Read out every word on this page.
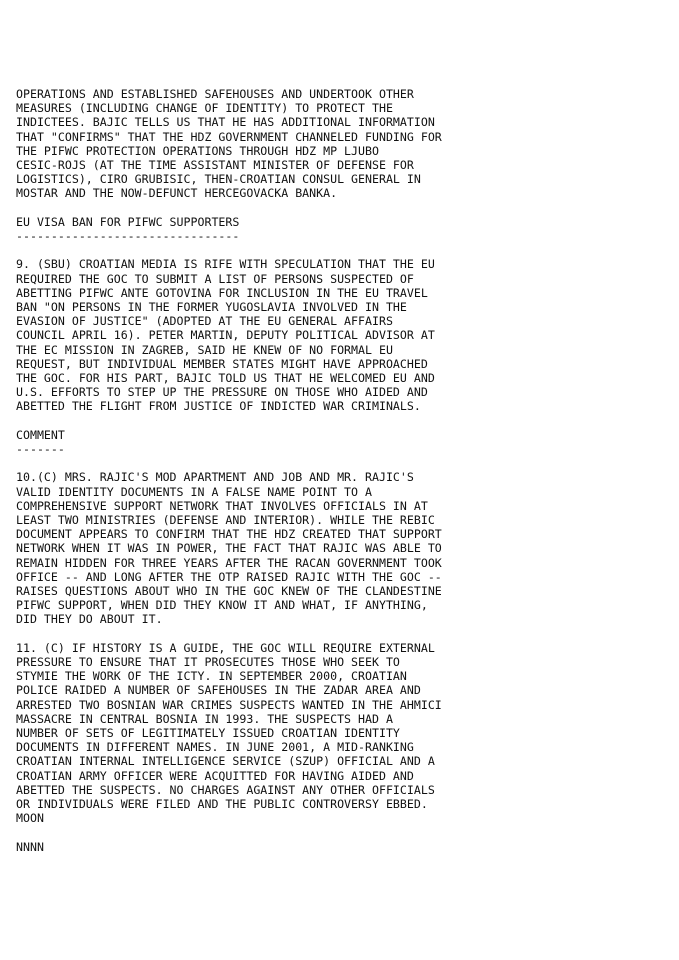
OPERATIONS AND ESTABLISHED SAFEHOUSES AND UNDERTOOK OTHER
MEASURES (INCLUDING CHANGE OF IDENTITY) TO PROTECT THE
INDICTEES. BAJIC TELLS US THAT HE HAS ADDITIONAL INFORMATION
THAT "CONFIRMS" THAT THE HDZ GOVERNMENT CHANNELED FUNDING FOR
THE PIFWC PROTECTION OPERATIONS THROUGH HDZ MP LJUBO
CESIC-ROJS (AT THE TIME ASSISTANT MINISTER OF DEFENSE FOR
LOGISTICS), CIRO GRUBISIC, THEN-CROATIAN CONSUL GENERAL IN
MOSTAR AND THE NOW-DEFUNCT HERCEGOVACKA BANKA.
EU VISA BAN FOR PIFWC SUPPORTERS
--------------------------------
9. (SBU) CROATIAN MEDIA IS RIFE WITH SPECULATION THAT THE EU
REQUIRED THE GOC TO SUBMIT A LIST OF PERSONS SUSPECTED OF
ABETTING PIFWC ANTE GOTOVINA FOR INCLUSION IN THE EU TRAVEL
BAN "ON PERSONS IN THE FORMER YUGOSLAVIA INVOLVED IN THE
EVASION OF JUSTICE" (ADOPTED AT THE EU GENERAL AFFAIRS
COUNCIL APRIL 16). PETER MARTIN, DEPUTY POLITICAL ADVISOR AT
THE EC MISSION IN ZAGREB, SAID HE KNEW OF NO FORMAL EU
REQUEST, BUT INDIVIDUAL MEMBER STATES MIGHT HAVE APPROACHED
THE GOC. FOR HIS PART, BAJIC TOLD US THAT HE WELCOMED EU AND
U.S. EFFORTS TO STEP UP THE PRESSURE ON THOSE WHO AIDED AND
ABETTED THE FLIGHT FROM JUSTICE OF INDICTED WAR CRIMINALS.
COMMENT
-------
10.(C) MRS. RAJIC'S MOD APARTMENT AND JOB AND MR. RAJIC'S
VALID IDENTITY DOCUMENTS IN A FALSE NAME POINT TO A
COMPREHENSIVE SUPPORT NETWORK THAT INVOLVES OFFICIALS IN AT
LEAST TWO MINISTRIES (DEFENSE AND INTERIOR). WHILE THE REBIC
DOCUMENT APPEARS TO CONFIRM THAT THE HDZ CREATED THAT SUPPORT
NETWORK WHEN IT WAS IN POWER, THE FACT THAT RAJIC WAS ABLE TO
REMAIN HIDDEN FOR THREE YEARS AFTER THE RACAN GOVERNMENT TOOK
OFFICE -- AND LONG AFTER THE OTP RAISED RAJIC WITH THE GOC --
RAISES QUESTIONS ABOUT WHO IN THE GOC KNEW OF THE CLANDESTINE
PIFWC SUPPORT, WHEN DID THEY KNOW IT AND WHAT, IF ANYTHING,
DID THEY DO ABOUT IT.
11. (C) IF HISTORY IS A GUIDE, THE GOC WILL REQUIRE EXTERNAL
PRESSURE TO ENSURE THAT IT PROSECUTES THOSE WHO SEEK TO
STYMIE THE WORK OF THE ICTY. IN SEPTEMBER 2000, CROATIAN
POLICE RAIDED A NUMBER OF SAFEHOUSES IN THE ZADAR AREA AND
ARRESTED TWO BOSNIAN WAR CRIMES SUSPECTS WANTED IN THE AHMICI
MASSACRE IN CENTRAL BOSNIA IN 1993. THE SUSPECTS HAD A
NUMBER OF SETS OF LEGITIMATELY ISSUED CROATIAN IDENTITY
DOCUMENTS IN DIFFERENT NAMES. IN JUNE 2001, A MID-RANKING
CROATIAN INTERNAL INTELLIGENCE SERVICE (SZUP) OFFICIAL AND A
CROATIAN ARMY OFFICER WERE ACQUITTED FOR HAVING AIDED AND
ABETTED THE SUSPECTS. NO CHARGES AGAINST ANY OTHER OFFICIALS
OR INDIVIDUALS WERE FILED AND THE PUBLIC CONTROVERSY EBBED.
MOON
NNNN
